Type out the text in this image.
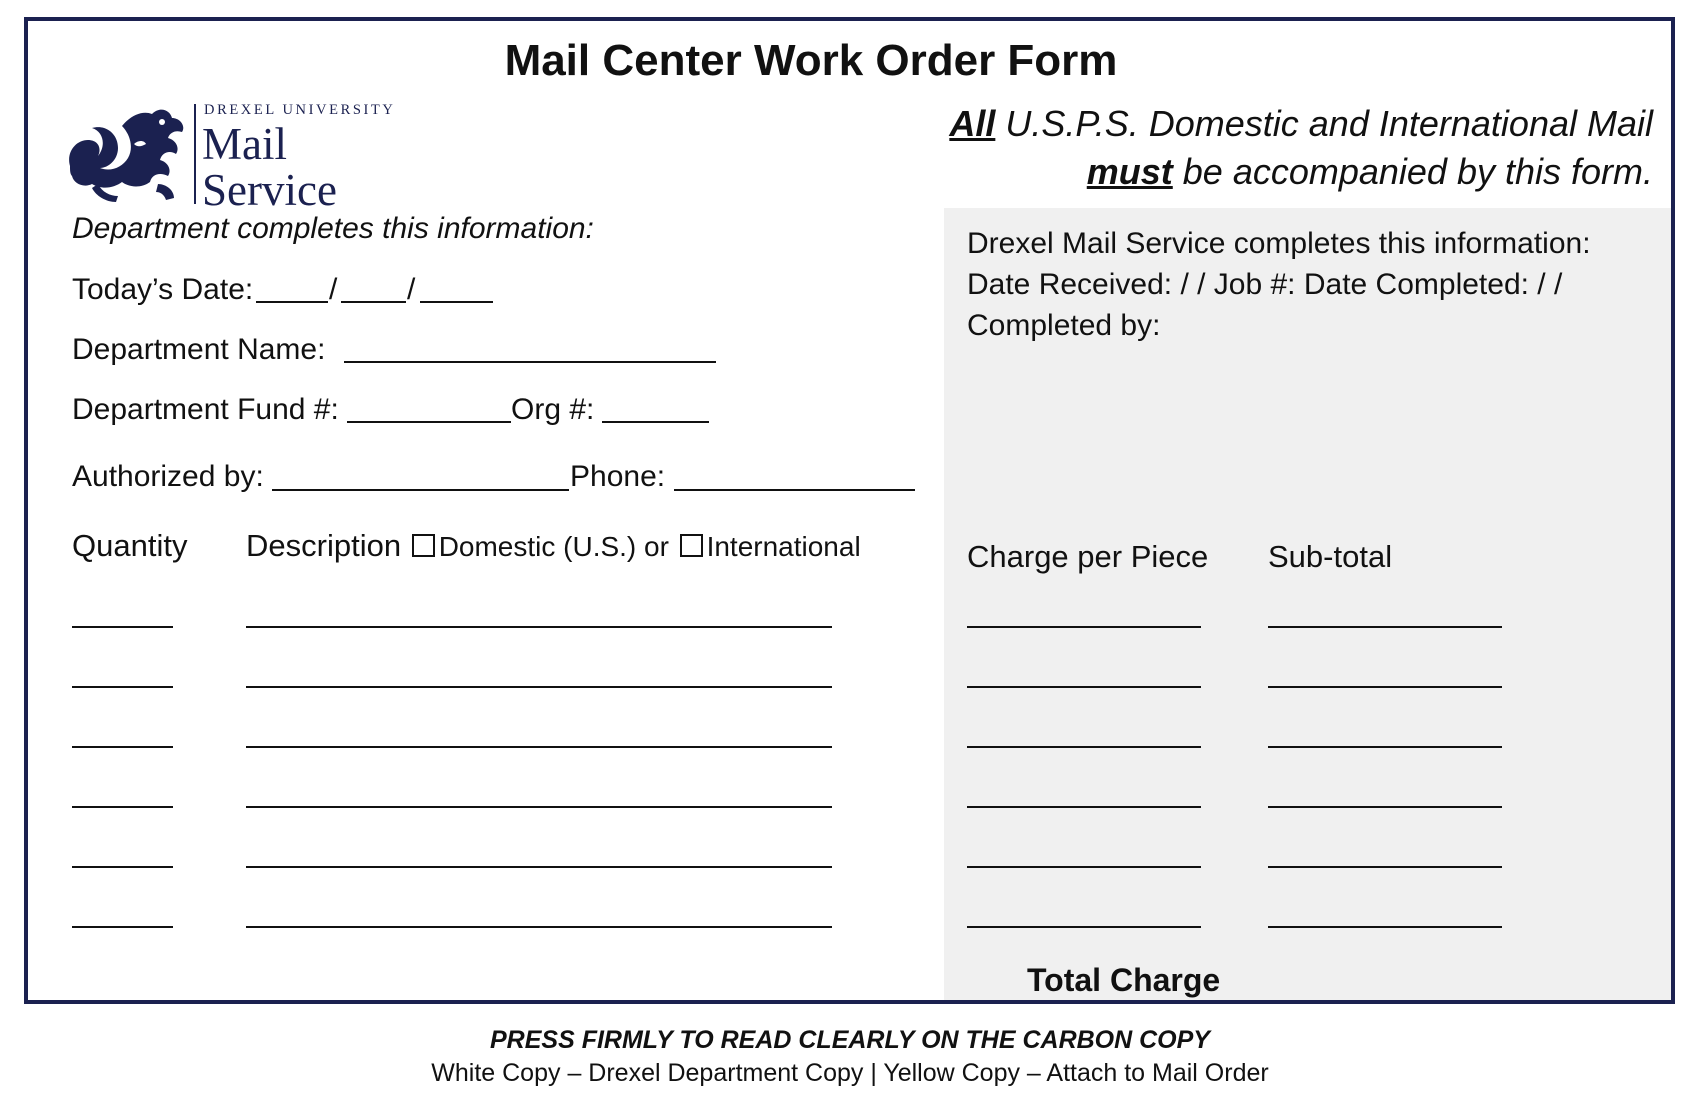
Mail Center Work Order Form
DREXEL UNIVERSITY
Mail
Service
All U.S.P.S. Domestic and International Mail
must be accompanied by this form.
Department completes this information:
Today’s Date:	/ /
Department Name:
Department Fund #:	Org #:
Authorized by:	Phone:
Quantity Description Domestic (U.S.) or International
Drexel Mail Service completes this information:
Date Received: / / Job #: Date Completed: / /
Completed by:
Charge per Piece Sub-total
Total Charge
PRESS FIRMLY TO READ CLEARLY ON THE CARBON COPY
White Copy – Drexel Department Copy | Yellow Copy – Attach to Mail Order
